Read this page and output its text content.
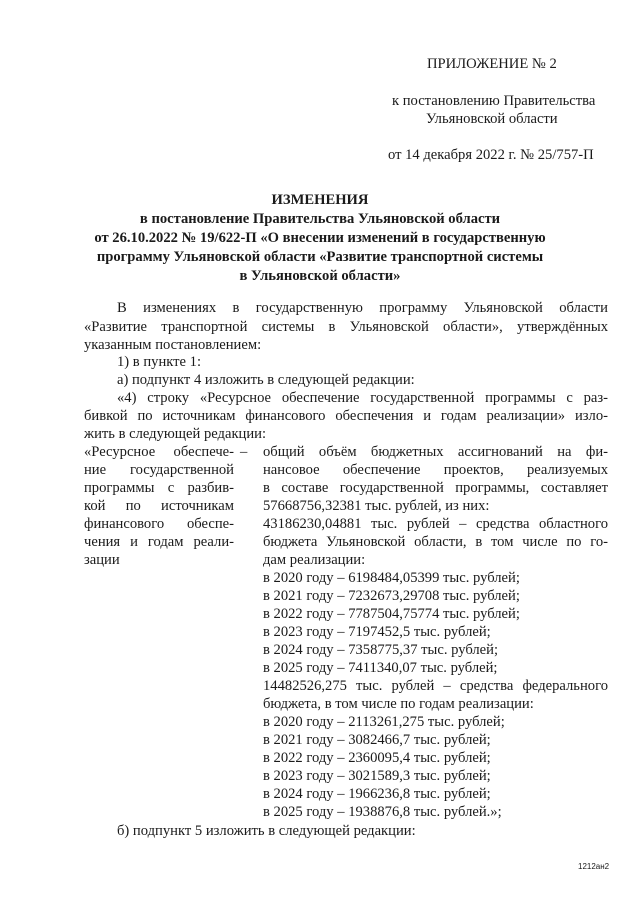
ПРИЛОЖЕНИЕ № 2
к постановлению Правительства
Ульяновской области
от 14 декабря 2022 г. № 25/757-П
ИЗМЕНЕНИЯ
в постановление Правительства Ульяновской области
от 26.10.2022 № 19/622-П «О внесении изменений в государственную
программу Ульяновской области «Развитие транспортной системы
в Ульяновской области»
В изменениях в государственную программу Ульяновской области
«Развитие транспортной системы в Ульяновской области», утверждённых
указанным постановлением:
1) в пункте 1:
а) подпункт 4 изложить в следующей редакции:
«4) строку «Ресурсное обеспечение государственной программы с раз-
бивкой по источникам финансового обеспечения и годам реализации» изло-
жить в следующей редакции:
«Ресурсное обеспече-
ние государственной
программы с разбив-
кой по источникам
финансового обеспе-
чения и годам реали-
зации
– общий объём бюджетных ассигнований на фи-
нансовое обеспечение проектов, реализуемых
в составе государственной программы, составляет
57668756,32381 тыс. рублей, из них:
43186230,04881 тыс. рублей – средства областного
бюджета Ульяновской области, в том числе по го-
дам реализации:
в 2020 году – 6198484,05399 тыс. рублей;
в 2021 году – 7232673,29708 тыс. рублей;
в 2022 году – 7787504,75774 тыс. рублей;
в 2023 году – 7197452,5 тыс. рублей;
в 2024 году – 7358775,37 тыс. рублей;
в 2025 году – 7411340,07 тыс. рублей;
14482526,275 тыс. рублей – средства федерального
бюджета, в том числе по годам реализации:
в 2020 году – 2113261,275 тыс. рублей;
в 2021 году – 3082466,7 тыс. рублей;
в 2022 году – 2360095,4 тыс. рублей;
в 2023 году – 3021589,3 тыс. рублей;
в 2024 году – 1966236,8 тыс. рублей;
в 2025 году – 1938876,8 тыс. рублей.»;
б) подпункт 5 изложить в следующей редакции:
1212ан2
